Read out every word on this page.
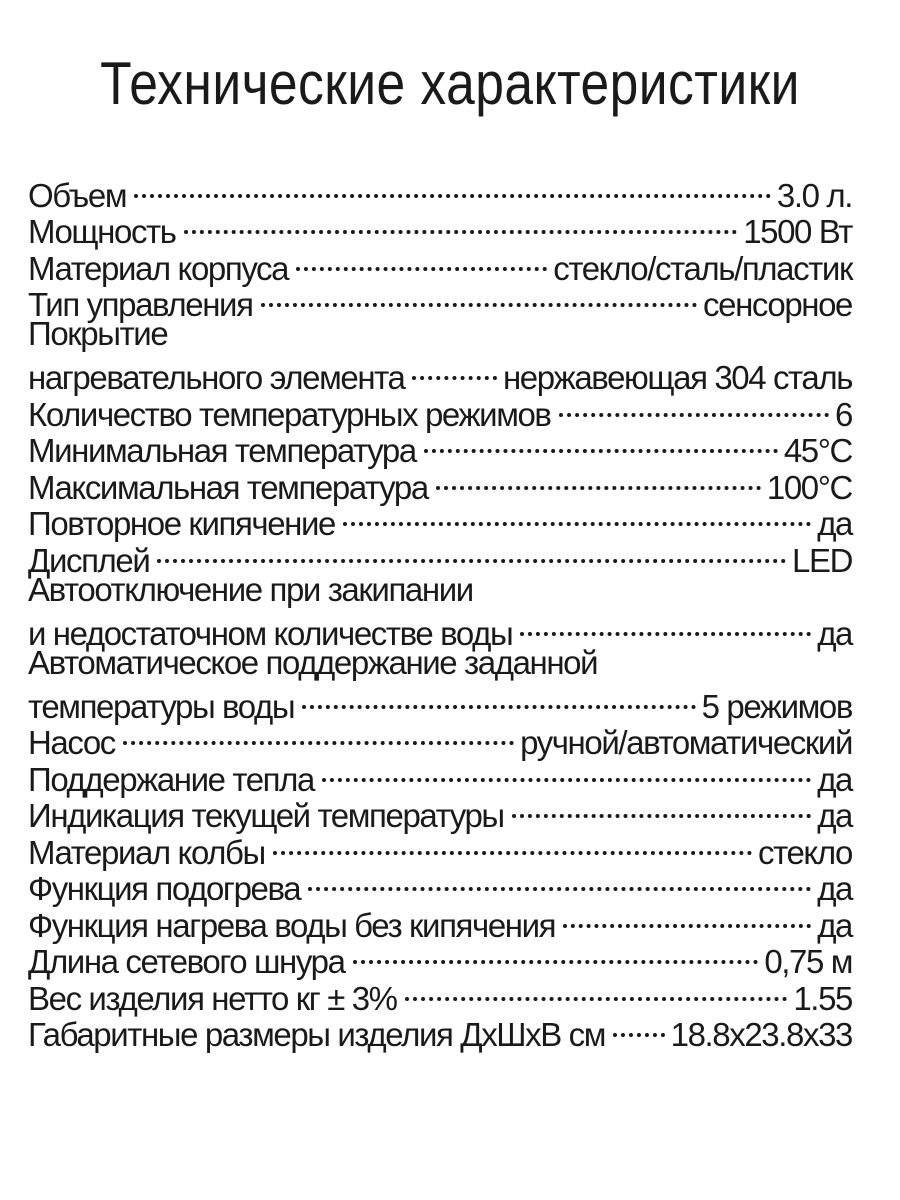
Технические характеристики
Объем	3.0 л.
Мощность	1500 Вт
Материал корпуса	стекло/сталь/пластик
Тип управления	сенсорное
Покрытие
нагревательного элемента	нержавеющая 304 сталь
Количество температурных режимов	6
Минимальная температура	45°C
Максимальная температура	100°C
Повторное кипячение	да
Дисплей	LED
Автоотключение при закипании
и недостаточном количестве воды	да
Автоматическое поддержание заданной
температуры воды	5 режимов
Насос	ручной/автоматический
Поддержание тепла	да
Индикация текущей температуры	да
Материал колбы	стекло
Функция подогрева	да
Функция нагрева воды без кипячения	да
Длина сетевого шнура	0,75 м
Вес изделия нетто кг ± 3%	1.55
Габаритные размеры изделия ДхШхВ см 18.8x23.8x33
